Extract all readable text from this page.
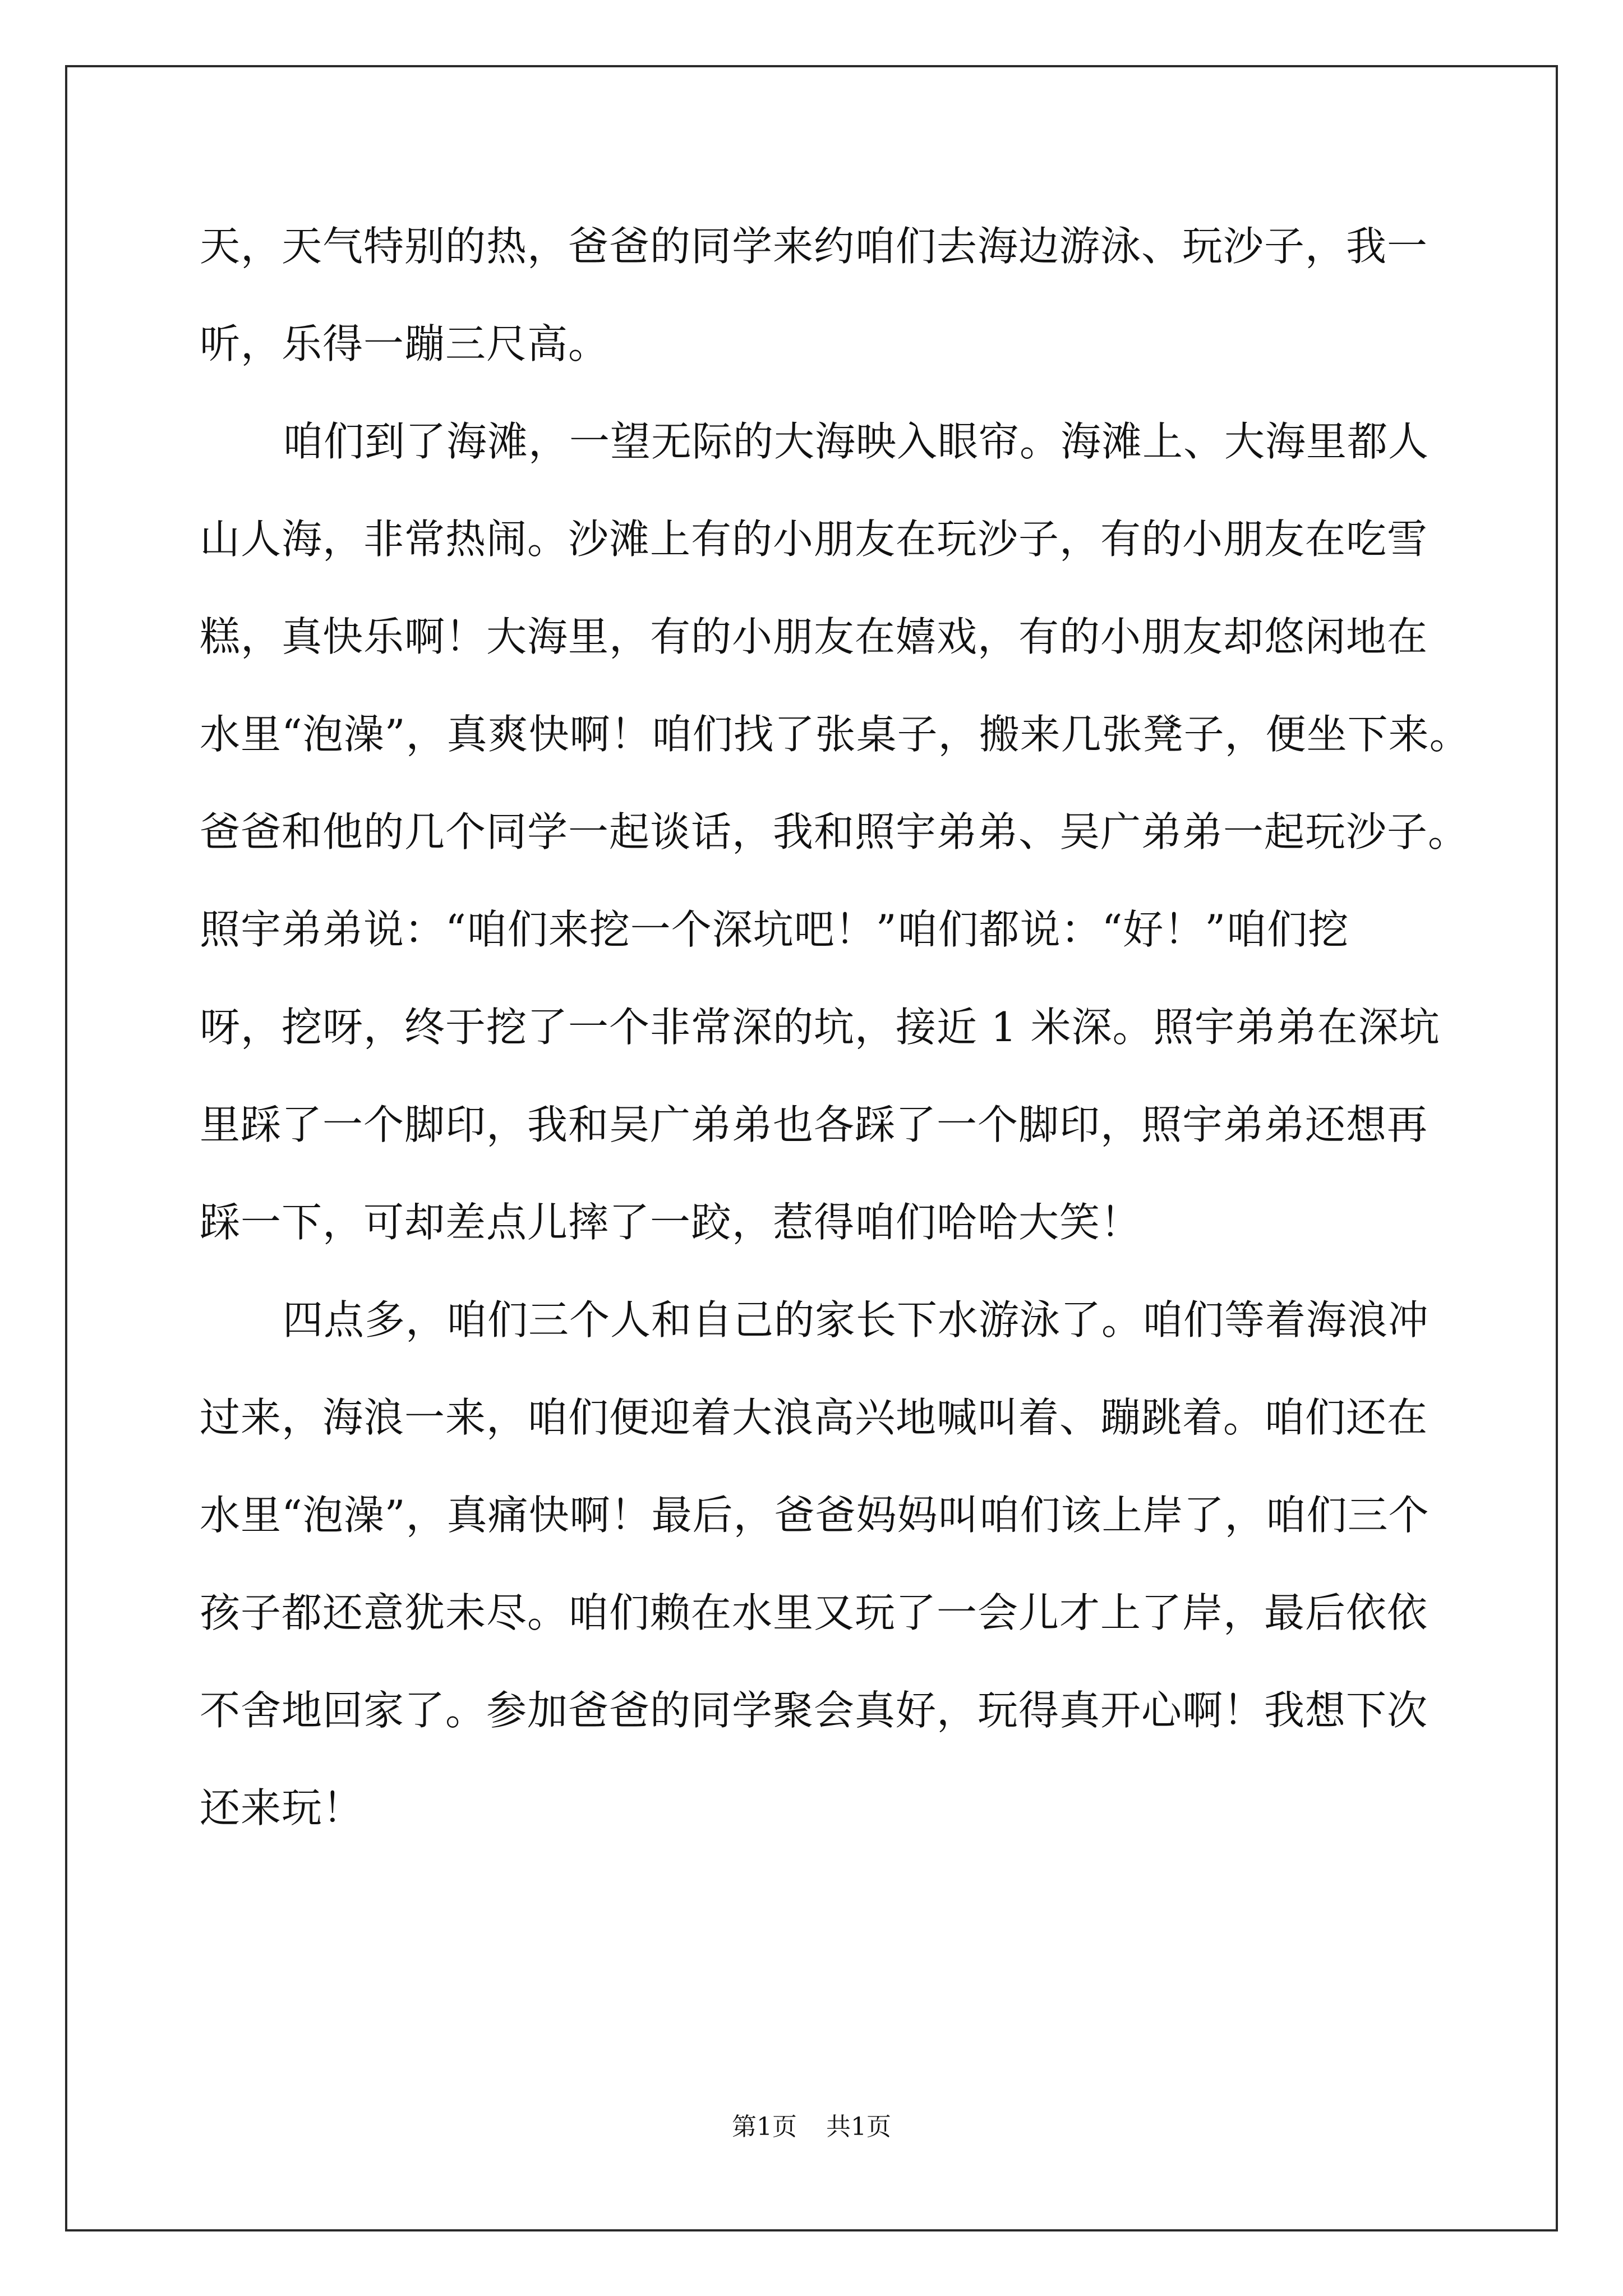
天，天气特别的热，爸爸的同学来约咱们去海边游泳、玩沙子，我一
听，乐得一蹦三尺高。
咱们到了海滩，一望无际的大海映入眼帘。海滩上、大海里都人
山人海，非常热闹。沙滩上有的小朋友在玩沙子，有的小朋友在吃雪
糕，真快乐啊！大海里，有的小朋友在嬉戏，有的小朋友却悠闲地在
水里“泡澡”，真爽快啊！咱们找了张桌子，搬来几张凳子，便坐下来。
爸爸和他的几个同学一起谈话，我和照宇弟弟、吴广弟弟一起玩沙子。
照宇弟弟说：“咱们来挖一个深坑吧！”咱们都说：“好！”咱们挖
呀，挖呀，终于挖了一个非常深的坑，接近 1 米深。照宇弟弟在深坑
里踩了一个脚印，我和吴广弟弟也各踩了一个脚印，照宇弟弟还想再
踩一下，可却差点儿摔了一跤，惹得咱们哈哈大笑！
四点多，咱们三个人和自己的家长下水游泳了。咱们等着海浪冲
过来，海浪一来，咱们便迎着大浪高兴地喊叫着、蹦跳着。咱们还在
水里“泡澡”，真痛快啊！最后，爸爸妈妈叫咱们该上岸了，咱们三个
孩子都还意犹未尽。咱们赖在水里又玩了一会儿才上了岸，最后依依
不舍地回家了。参加爸爸的同学聚会真好，玩得真开心啊！我想下次
还来玩！
第1页 共1页
